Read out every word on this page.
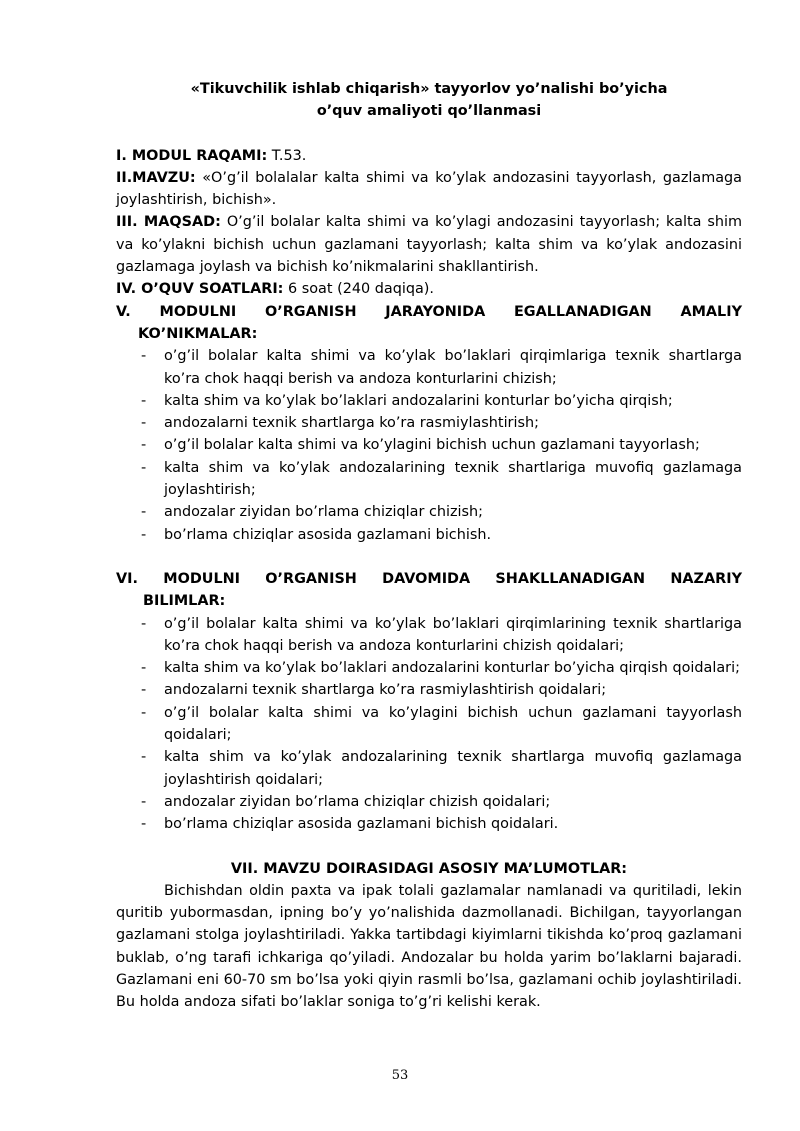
«Tikuvchilik ishlab chiqarish» tayyorlov yo’nalishi bo’yicha
o’quv amaliyoti qo’llanmasi

I. MODUL RAQAMI: T.53.

II.MAVZU: «O’g’il bolalalar kalta shimi va ko’ylak andozasini tayyorlash, gazlamaga joylashtirish, bichish».

III. MAQSAD: O’g’il bolalar kalta shimi va ko’ylagi andozasini tayyorlash; kalta shim va ko’ylakni bichish uchun gazlamani tayyorlash; kalta shim va ko’ylak andozasini gazlamaga joylash va bichish ko’nikmalarini shakllantirish.

IV. O’QUV SOATLARI: 6 soat (240 daqiqa).

V. MODULNI O’RGANISH JARAYONIDA EGALLANADIGAN AMALIY
KO’NIKMALAR:
- o’g’il bolalar kalta shimi va ko’ylak bo’laklari qirqimlariga texnik shartlarga ko’ra chok haqqi berish va andoza konturlarini chizish;
- kalta shim va ko’ylak bo’laklari andozalarini konturlar bo’yicha qirqish;
- andozalarni texnik shartlarga ko’ra rasmiylashtirish;
- o’g’il bolalar kalta shimi va ko’ylagini bichish uchun gazlamani tayyorlash;
- kalta shim va ko’ylak andozalarining texnik shartlariga muvofiq gazlamaga joylashtirish;
- andozalar ziyidan bo’rlama chiziqlar chizish;
- bo’rlama chiziqlar asosida gazlamani bichish.
VI. MODULNI O’RGANISH DAVOMIDA SHAKLLANADIGAN NAZARIY
BILIMLAR:
- o’g’il bolalar kalta shimi va ko’ylak bo’laklari qirqimlarining texnik shartlariga ko’ra chok haqqi berish va andoza konturlarini chizish qoidalari;
- kalta shim va ko’ylak bo’laklari andozalarini konturlar bo’yicha qirqish qoidalari;
- andozalarni texnik shartlarga ko’ra rasmiylashtirish qoidalari;
- o’g’il bolalar kalta shimi va ko’ylagini bichish uchun gazlamani tayyorlash qoidalari;
- kalta shim va ko’ylak andozalarining texnik shartlarga muvofiq gazlamaga joylashtirish qoidalari;
- andozalar ziyidan bo’rlama chiziqlar chizish qoidalari;
- bo’rlama chiziqlar asosida gazlamani bichish qoidalari.
VII. MAVZU DOIRASIDAGI ASOSIY MA’LUMOTLAR:

Bichishdan oldin paxta va ipak tolali gazlamalar namlanadi va quritiladi, lekin quritib yubormasdan, ipning bo’y yo’nalishida dazmollanadi. Bichilgan, tayyorlangan gazlamani stolga joylashtiriladi. Yakka tartibdagi kiyimlarni tikishda ko’proq gazlamani buklab, o’ng tarafi ichkariga qo’yiladi. Andozalar bu holda yarim bo’laklarni bajaradi. Gazlamani eni 60-70 sm bo’lsa yoki qiyin rasmli bo’lsa, gazlamani ochib joylashtiriladi. Bu holda andoza sifati bo’laklar soniga to’g’ri kelishi kerak.

53
